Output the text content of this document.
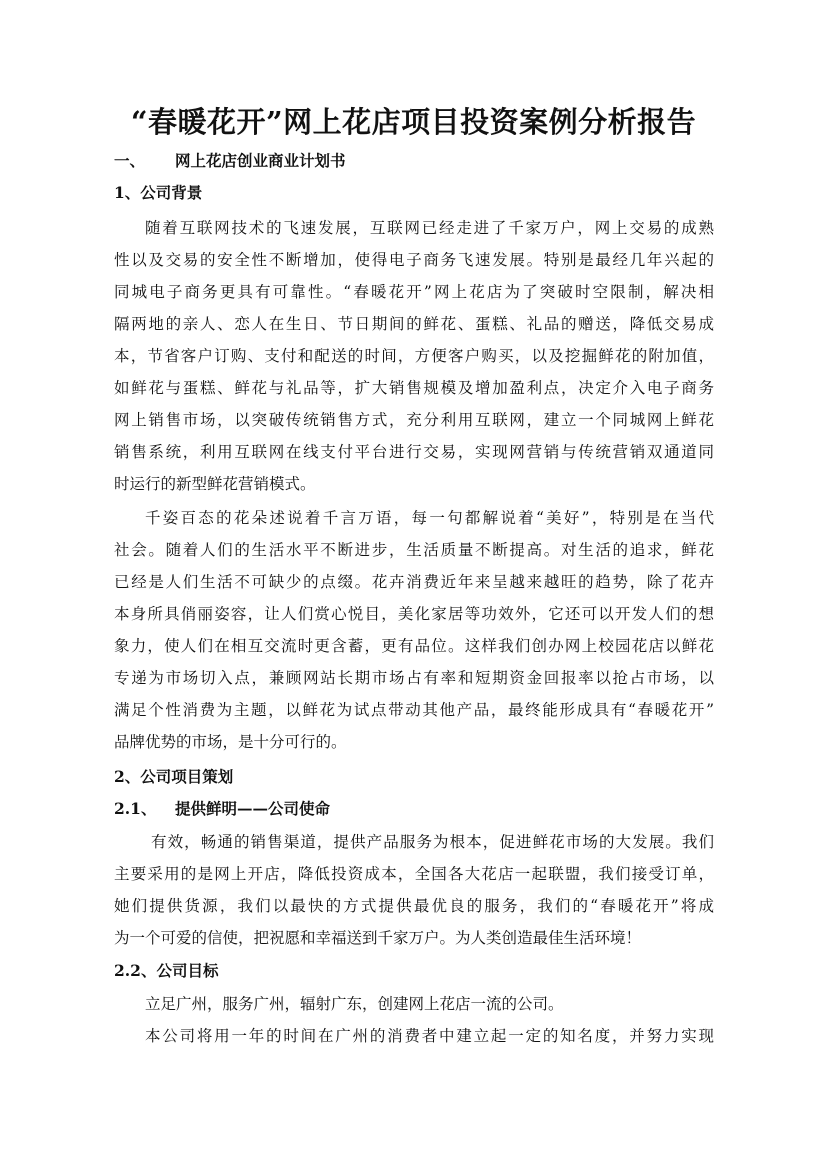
“春暖花开”网上花店项目投资案例分析报告
一、 网上花店创业商业计划书
1、公司背景
随着互联网技术的飞速发展，互联网已经走进了千家万户，网上交易的成熟
性以及交易的安全性不断增加，使得电子商务飞速发展。特别是最经几年兴起的
同城电子商务更具有可靠性。“春暖花开”网上花店为了突破时空限制，解决相
隔两地的亲人、恋人在生日、节日期间的鲜花、蛋糕、礼品的赠送，降低交易成
本，节省客户订购、支付和配送的时间，方便客户购买，以及挖掘鲜花的附加值，
如鲜花与蛋糕、鲜花与礼品等，扩大销售规模及增加盈利点，决定介入电子商务
网上销售市场，以突破传统销售方式，充分利用互联网，建立一个同城网上鲜花
销售系统，利用互联网在线支付平台进行交易，实现网营销与传统营销双通道同
时运行的新型鲜花营销模式。
千姿百态的花朵述说着千言万语，每一句都解说着“美好”，特别是在当代
社会。随着人们的生活水平不断进步，生活质量不断提高。对生活的追求，鲜花
已经是人们生活不可缺少的点缀。花卉消费近年来呈越来越旺的趋势，除了花卉
本身所具俏丽姿容，让人们赏心悦目，美化家居等功效外，它还可以开发人们的想
象力，使人们在相互交流时更含蓄，更有品位。这样我们创办网上校园花店以鲜花
专递为市场切入点，兼顾网站长期市场占有率和短期资金回报率以抢占市场，以
满足个性消费为主题，以鲜花为试点带动其他产品，最终能形成具有“春暖花开”
品牌优势的市场，是十分可行的。
2、公司项目策划
2.1、 提供鲜明——公司使命
有效，畅通的销售渠道，提供产品服务为根本，促进鲜花市场的大发展。我们
主要采用的是网上开店，降低投资成本，全国各大花店一起联盟，我们接受订单，
她们提供货源，我们以最快的方式提供最优良的服务，我们的“春暖花开”将成
为一个可爱的信使，把祝愿和幸福送到千家万户。为人类创造最佳生活环境！
2.2、公司目标
立足广州，服务广州，辐射广东，创建网上花店一流的公司。
本公司将用一年的时间在广州的消费者中建立起一定的知名度，并努力实现
